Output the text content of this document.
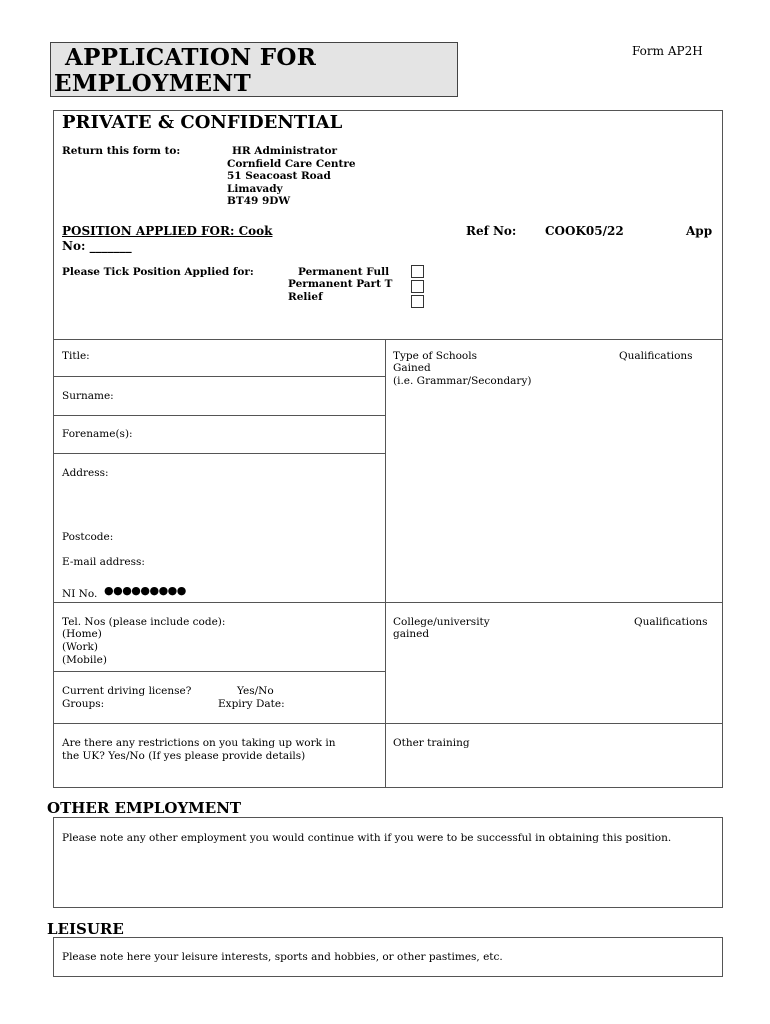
APPLICATION FOR
EMPLOYMENT
Form AP2H
PRIVATE & CONFIDENTIAL
Return this form to:	HR Administrator
Cornfield Care Centre
51 Seacoast Road
Limavady
BT49 9DW
POSITION APPLIED FOR: Cook	Ref No: COOK05/22	App
No: _______
Please Tick Position Applied for:	Permanent Full
Permanent Part T
Relief
Title:
Surname:
Forename(s):
Address:
Postcode:
E-mail address:
NI No. ●●●●●●●●●
Type of Schools	Qualifications
Gained
(i.e. Grammar/Secondary)
Tel. Nos (please include code):
(Home)
(Work)
(Mobile)
College/university	Qualifications
gained
Current driving license?	Yes/No
Groups:	Expiry Date:
Are there any restrictions on you taking up work in
the UK? Yes/No (If yes please provide details)
Other training
OTHER EMPLOYMENT
Please note any other employment you would continue with if you were to be successful in obtaining this position.
LEISURE
Please note here your leisure interests, sports and hobbies, or other pastimes, etc.
